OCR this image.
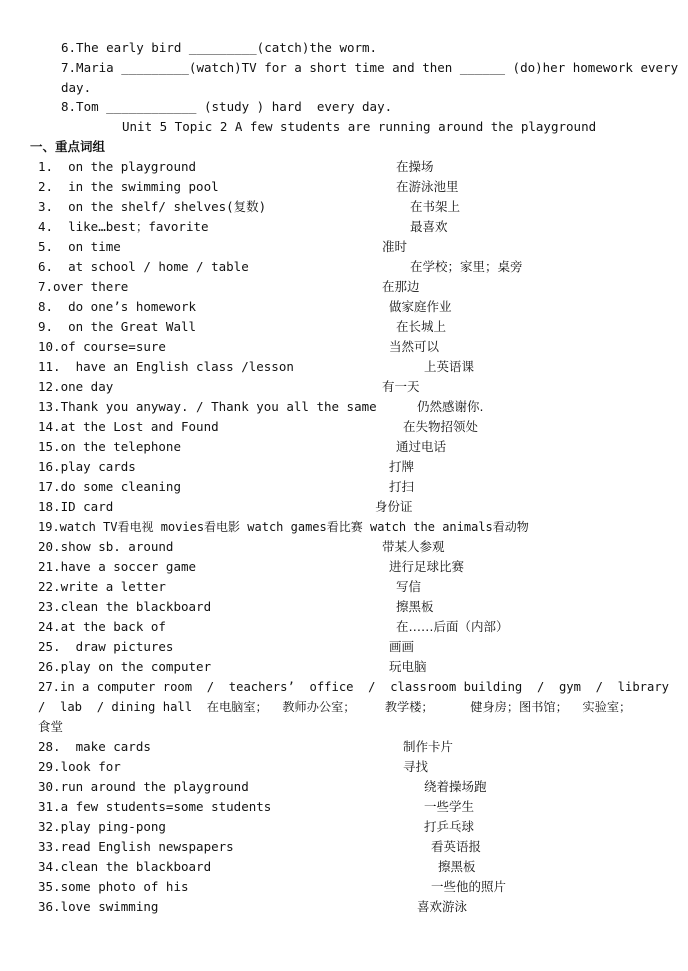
6.The early bird _________(catch)the worm.
7.Maria _________(watch)TV for a short time and then ______ (do)her homework every
day.
8.Tom ____________ (study ) hard  every day.
Unit 5 Topic 2 A few students are running around the playground
一、重点词组
1.  on the playground	在操场
2.  in the swimming pool	在游泳池里
3.  on the shelf/ shelves(复数)	在书架上
4.  like…best；favorite	最喜欢
5.  on time	准时
6.  at school / home / table	在学校；家里；桌旁
7.over there	在那边
8.  do one’s homework	做家庭作业
9.  on the Great Wall	在长城上
10.of course=sure	当然可以
11.  have an English class /lesson	上英语课
12.one day	有一天
13.Thank you anyway. / Thank you all the same	仍然感谢你.
14.at the Lost and Found	在失物招领处
15.on the telephone	通过电话
16.play cards	打牌
17.do some cleaning	打扫
18.ID card	身份证
19.watch TV看电视 movies看电影 watch games看比赛 watch the animals看动物
20.show sb. around	带某人参观
21.have a soccer game	进行足球比赛
22.write a letter	写信
23.clean the blackboard	擦黑板
24.at the back of	在……后面（内部）
25.  draw pictures	画画
26.play on the computer	玩电脑
27.in a computer room  /  teachers’  office  /  classroom building  /  gym  /  library
/  lab  / dining hall  在电脑室；  教师办公室；    教学楼；     健身房；图书馆；  实验室；
食堂
28.  make cards	制作卡片
29.look for	寻找
30.run around the playground	绕着操场跑
31.a few students=some students	一些学生
32.play ping-pong	打乒乓球
33.read English newspapers	看英语报
34.clean the blackboard	擦黑板
35.some photo of his	一些他的照片
36.love swimming	喜欢游泳
